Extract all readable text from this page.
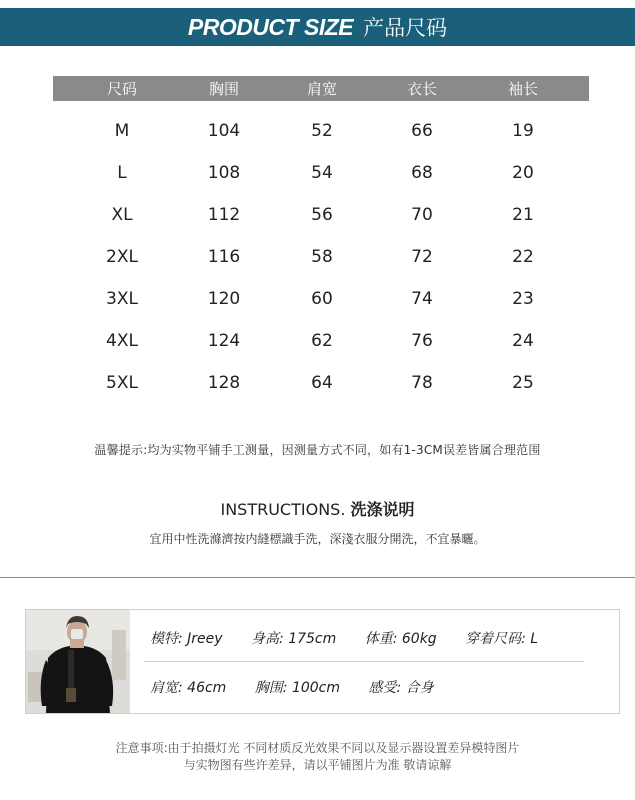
PRODUCT SIZE 产品尺码
尺码	胸围	肩宽	衣长	袖长
M	104	52	66	19
L	108	54	68	20
XL	112	56	70	21
2XL	116	58	72	22
3XL	120	60	74	23
4XL	124	62	76	24
5XL	128	64	78	25
温馨提示:均为实物平铺手工测量，因测量方式不同，如有1-3CM误差皆属合理范围
INSTRUCTIONS. 洗涤说明
宜用中性洗滌濟按内縫標識手洗，深淺衣服分開洗，不宜暴曬。
模特: Jreey 身高: 175cm 体重: 60kg 穿着尺码: L
肩宽: 46cm 胸围: 100cm 感受: 合身
注意事项:由于拍摄灯光 不同材质反光效果不同以及显示器设置差异模特图片
与实物图有些许差异，请以平铺图片为准 敬请谅解
